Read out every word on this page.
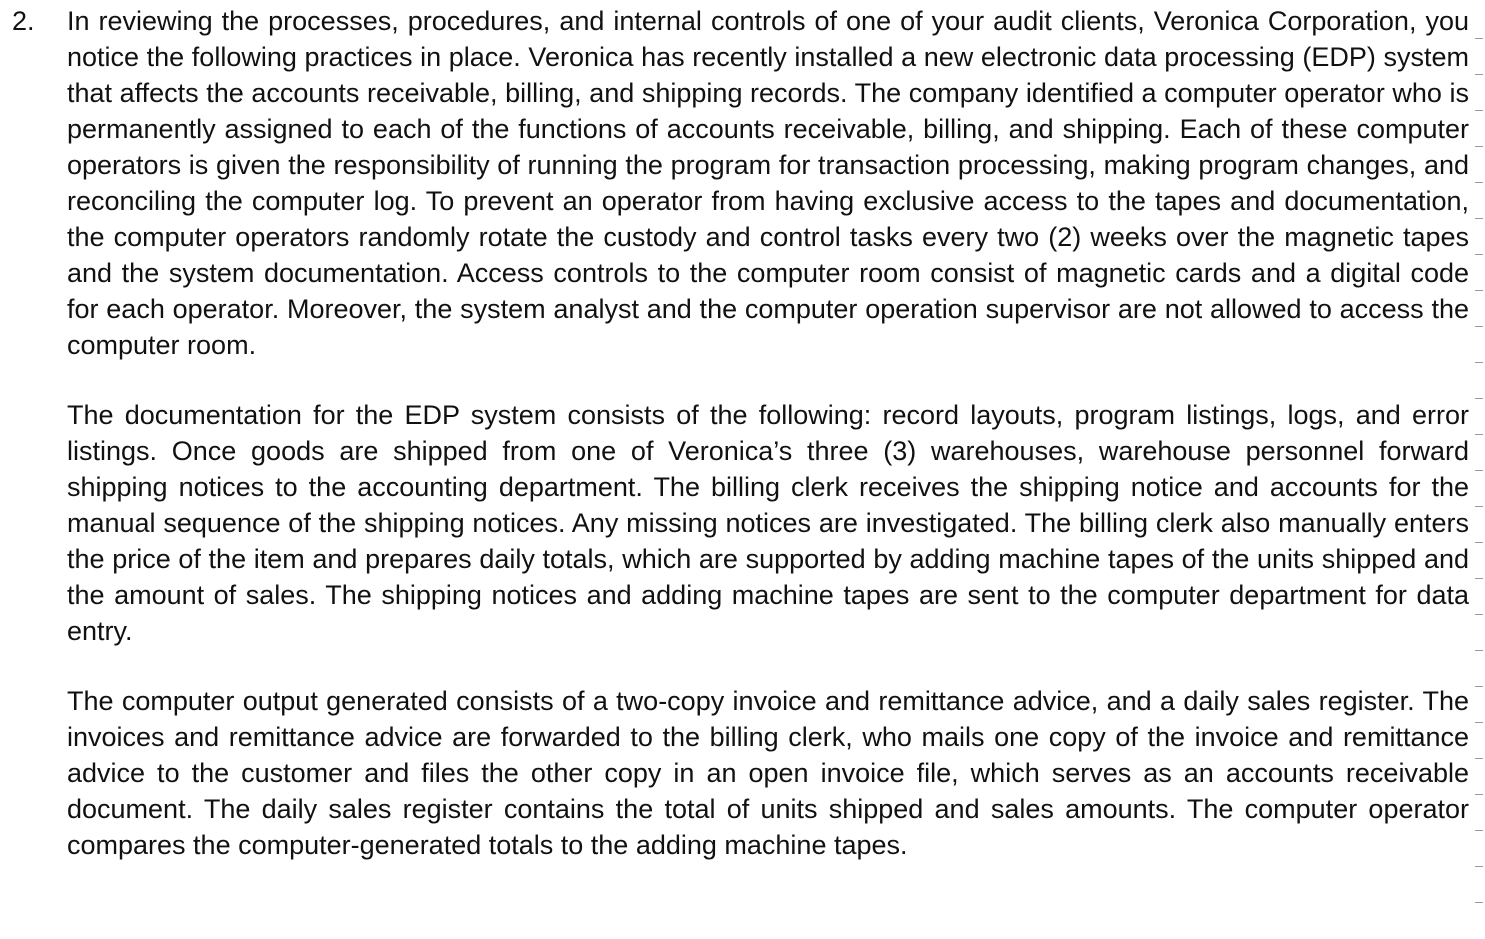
2. In reviewing the processes, procedures, and internal controls of one of your audit clients, Veronica Corporation, you notice the following practices in place. Veronica has recently installed a new electronic data processing (EDP) system that affects the accounts receivable, billing, and shipping records. The company identified a computer operator who is permanently assigned to each of the functions of accounts receivable, billing, and shipping. Each of these computer operators is given the responsibility of running the program for transaction processing, making program changes, and reconciling the computer log. To prevent an operator from having exclusive access to the tapes and documentation, the computer operators randomly rotate the custody and control tasks every two (2) weeks over the magnetic tapes and the system documentation. Access controls to the computer room consist of magnetic cards and a digital code for each operator. Moreover, the system analyst and the computer operation supervisor are not allowed to access the computer room.

The documentation for the EDP system consists of the following: record layouts, program listings, logs, and error listings. Once goods are shipped from one of Veronica’s three (3) warehouses, warehouse personnel forward shipping notices to the accounting department. The billing clerk receives the shipping notice and accounts for the manual sequence of the shipping notices. Any missing notices are investigated. The billing clerk also manually enters the price of the item and prepares daily totals, which are supported by adding machine tapes of the units shipped and the amount of sales. The shipping notices and adding machine tapes are sent to the computer department for data entry.

The computer output generated consists of a two-copy invoice and remittance advice, and a daily sales register. The invoices and remittance advice are forwarded to the billing clerk, who mails one copy of the invoice and remittance advice to the customer and files the other copy in an open invoice file, which serves as an accounts receivable document. The daily sales register contains the total of units shipped and sales amounts. The computer operator compares the computer-generated totals to the adding machine tapes.
